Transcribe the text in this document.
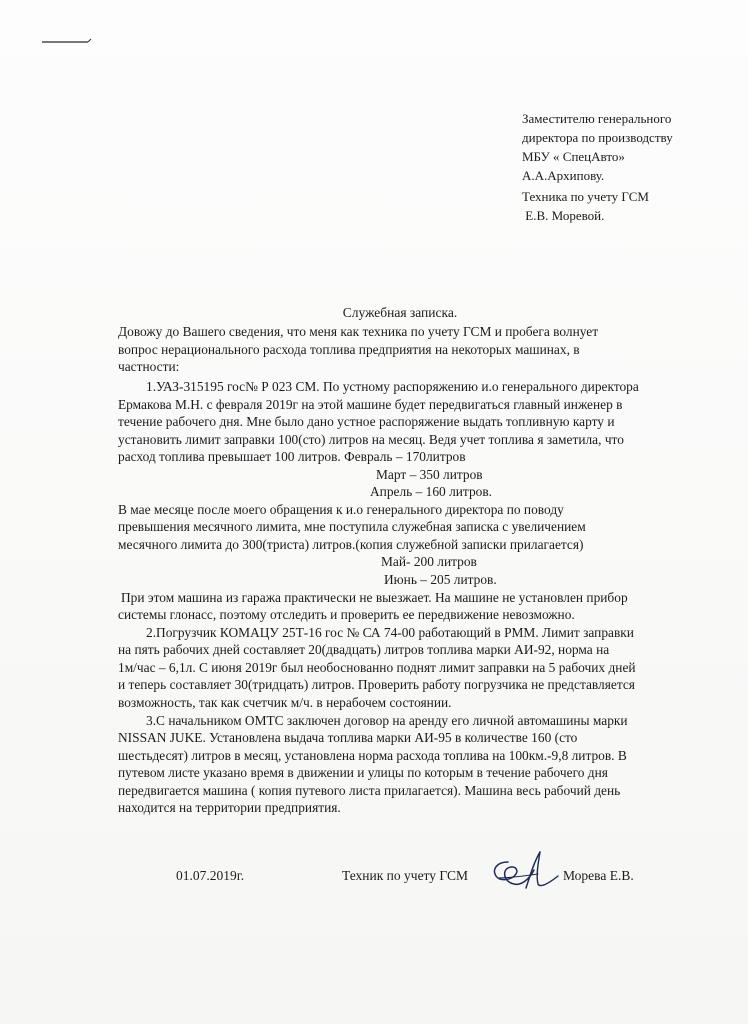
Заместителю генерального
директора по производству
МБУ « СпецАвто»
А.А.Архипову.
Техника по учету ГСМ
Е.В. Моревой.
Служебная записка.
Довожу до Вашего сведения, что меня как техника по учету ГСМ и пробега волнует
вопрос нерационального расхода топлива предприятия на некоторых машинах, в
частности:
1.УАЗ-315195 гос№ Р 023 СМ. По устному распоряжению и.о генерального директора
Ермакова М.Н. с февраля 2019г на этой машине будет передвигаться главный инженер в
течение рабочего дня. Мне было дано устное распоряжение выдать топливную карту и
установить лимит заправки 100(сто) литров на месяц. Ведя учет топлива я заметила, что
расход топлива превышает 100 литров. Февраль – 170литров
Март – 350 литров
Апрель – 160 литров.
В мае месяце после моего обращения к и.о генерального директора по поводу
превышения месячного лимита, мне поступила служебная записка с увеличением
месячного лимита до 300(триста) литров.(копия служебной записки прилагается)
Май- 200 литров
Июнь – 205 литров.
При этом машина из гаража практически не выезжает. На машине не установлен прибор
системы глонасс, поэтому отследить и проверить ее передвижение невозможно.
2.Погрузчик КОМАЦУ 25Т-16 гос № СА 74-00 работающий в РММ. Лимит заправки
на пять рабочих дней составляет 20(двадцать) литров топлива марки АИ-92, норма на
1м/час – 6,1л. С июня 2019г был необоснованно поднят лимит заправки на 5 рабочих дней
и теперь составляет 30(тридцать) литров. Проверить работу погрузчика не представляется
возможность, так как счетчик м/ч. в нерабочем состоянии.
3.С начальником ОМТС заключен договор на аренду его личной автомашины марки
NISSAN JUKE. Установлена выдача топлива марки АИ-95 в количестве 160 (сто
шестьдесят) литров в месяц, установлена норма расхода топлива на 100км.-9,8 литров. В
путевом листе указано время в движении и улицы по которым в течение рабочего дня
передвигается машина ( копия путевого листа прилагается). Машина весь рабочий день
находится на территории предприятия.
01.07.2019г.	Техник по учету ГСМ	Морева Е.В.
